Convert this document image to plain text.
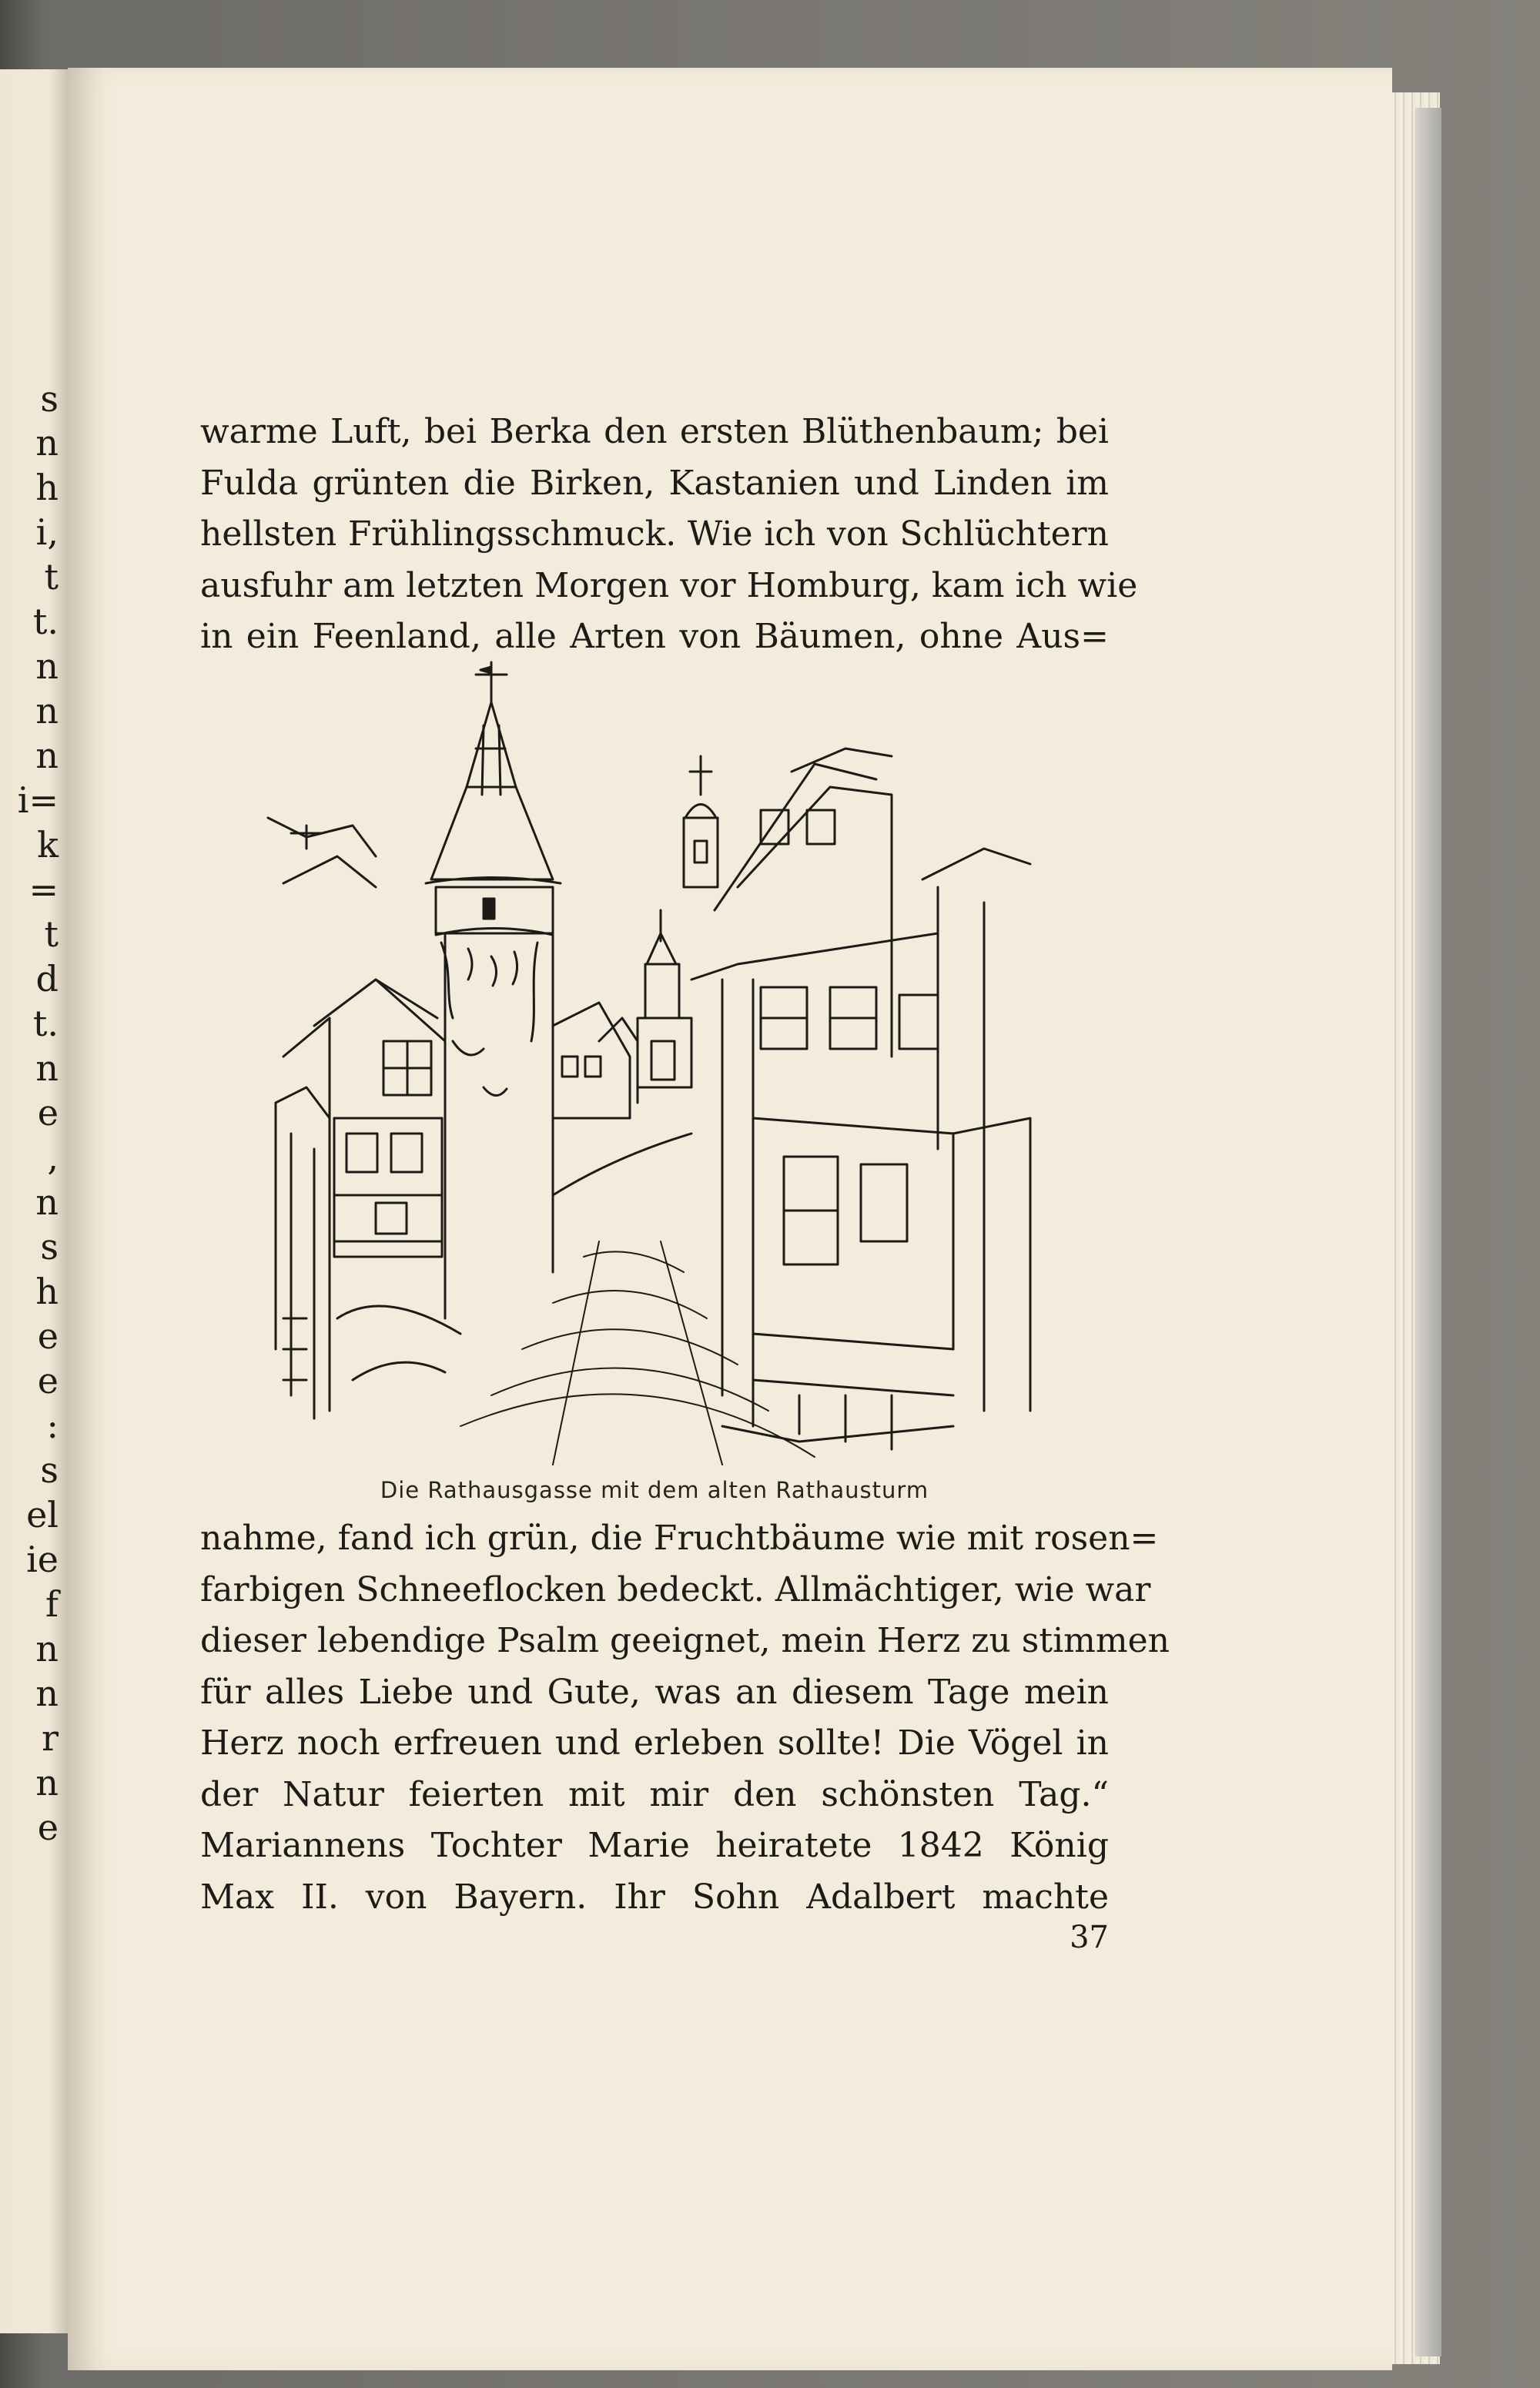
s
n
h
i,
t
t.
n
n
n
i=
k
=
t
d
t.
n
e
,
n
s
h
e
e
:
s
el
ie
f
n
n
r
n
e
warme Luft, bei Berka den ersten Blüthenbaum; bei
Fulda grünten die Birken, Kastanien und Linden im
hellsten Frühlingsschmuck. Wie ich von Schlüchtern
ausfuhr am letzten Morgen vor Homburg, kam ich wie
in ein Feenland, alle Arten von Bäumen, ohne Aus=
Die Rathausgasse mit dem alten Rathausturm
nahme, fand ich grün, die Fruchtbäume wie mit rosen=
farbigen Schneeflocken bedeckt. Allmächtiger, wie war
dieser lebendige Psalm geeignet, mein Herz zu stimmen
für alles Liebe und Gute, was an diesem Tage mein
Herz noch erfreuen und erleben sollte! Die Vögel in
der Natur feierten mit mir den schönsten Tag.“
Mariannens Tochter Marie heiratete 1842 König
Max II. von Bayern. Ihr Sohn Adalbert machte
37
